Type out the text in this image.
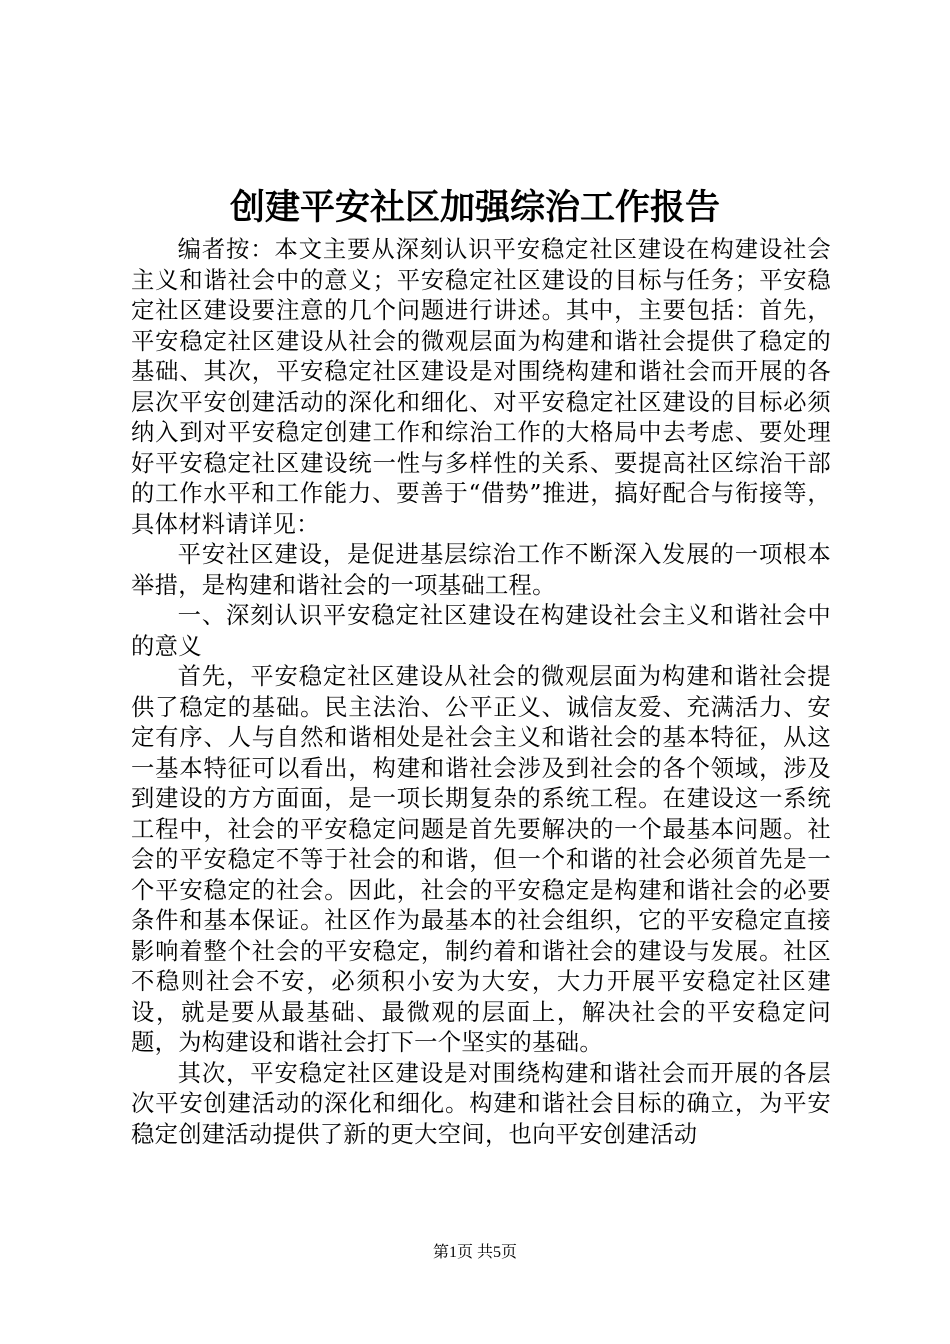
创建平安社区加强综治工作报告

编者按：本文主要从深刻认识平安稳定社区建设在构建设社会主义和谐社会中的意义；平安稳定社区建设的目标与任务；平安稳定社区建设要注意的几个问题进行讲述。其中，主要包括：首先，平安稳定社区建设从社会的微观层面为构建和谐社会提供了稳定的基础、其次，平安稳定社区建设是对围绕构建和谐社会而开展的各层次平安创建活动的深化和细化、对平安稳定社区建设的目标必须纳入到对平安稳定创建工作和综治工作的大格局中去考虑、要处理好平安稳定社区建设统一性与多样性的关系、要提高社区综治干部的工作水平和工作能力、要善于“借势”推进，搞好配合与衔接等，具体材料请详见：

平安社区建设，是促进基层综治工作不断深入发展的一项根本举措，是构建和谐社会的一项基础工程。

一、深刻认识平安稳定社区建设在构建设社会主义和谐社会中的意义

首先，平安稳定社区建设从社会的微观层面为构建和谐社会提供了稳定的基础。民主法治、公平正义、诚信友爱、充满活力、安定有序、人与自然和谐相处是社会主义和谐社会的基本特征，从这一基本特征可以看出，构建和谐社会涉及到社会的各个领域，涉及到建设的方方面面，是一项长期复杂的系统工程。在建设这一系统工程中，社会的平安稳定问题是首先要解决的一个最基本问题。社会的平安稳定不等于社会的和谐，但一个和谐的社会必须首先是一个平安稳定的社会。因此，社会的平安稳定是构建和谐社会的必要条件和基本保证。社区作为最基本的社会组织，它的平安稳定直接影响着整个社会的平安稳定，制约着和谐社会的建设与发展。社区不稳则社会不安，必须积小安为大安，大力开展平安稳定社区建设，就是要从最基础、最微观的层面上，解决社会的平安稳定问题，为构建设和谐社会打下一个坚实的基础。

其次，平安稳定社区建设是对围绕构建和谐社会而开展的各层次平安创建活动的深化和细化。构建和谐社会目标的确立，为平安稳定创建活动提供了新的更大空间，也向平安创建活动

第1页 共5页
